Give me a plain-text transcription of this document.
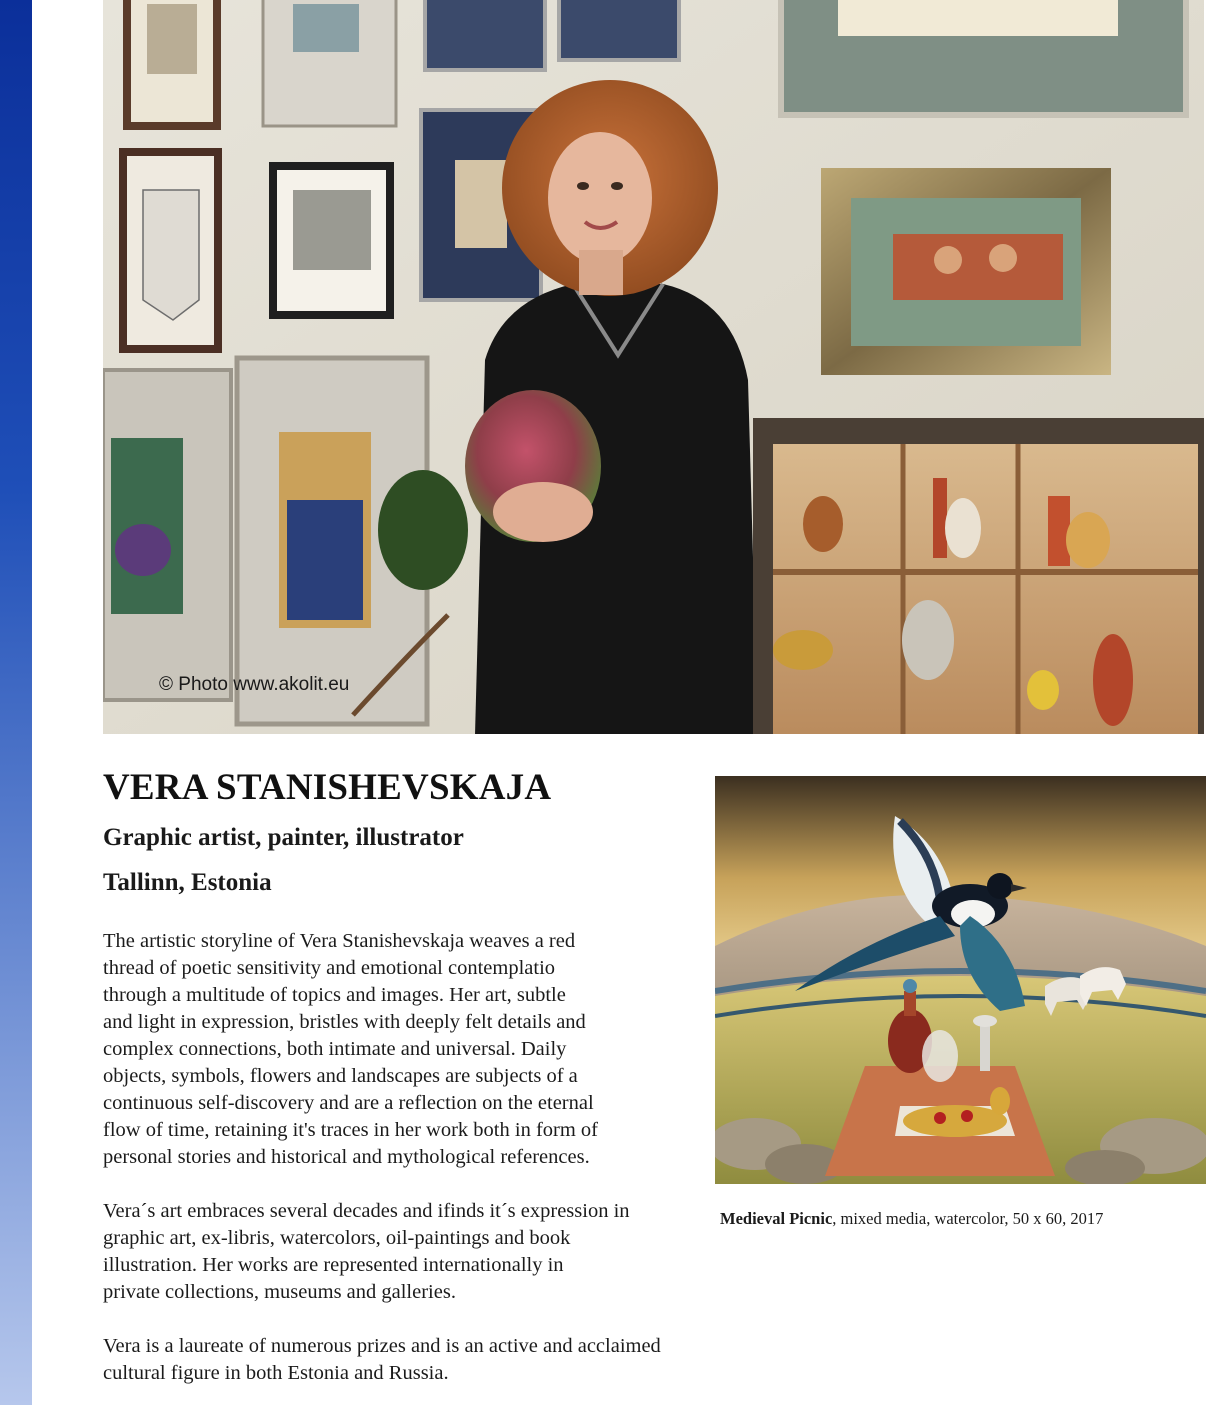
© Photo www.akolit.eu
VERA STANISHEVSKAJA
Graphic artist, painter, illustrator
Tallinn, Estonia

The artistic storyline of Vera Stanishevskaja weaves a red
thread of poetic sensitivity and emotional contemplatio
through a multitude of topics and images. Her art, subtle
and light in expression, bristles with deeply felt details and
complex connections, both intimate and universal. Daily
objects, symbols, flowers and landscapes are subjects of a
continuous self-discovery and are a reflection on the eternal
flow of time, retaining it's traces in her work both in form of
personal stories and historical and mythological references.

Vera´s art embraces several decades and ifinds it´s expression in
graphic art, ex-libris, watercolors, oil-paintings and book
illustration. Her works are represented internationally in
private collections, museums and galleries.

Vera is a laureate of numerous prizes and is an active and acclaimed
cultural figure in both Estonia and Russia.

Medieval Picnic, mixed media, watercolor, 50 x 60, 2017
